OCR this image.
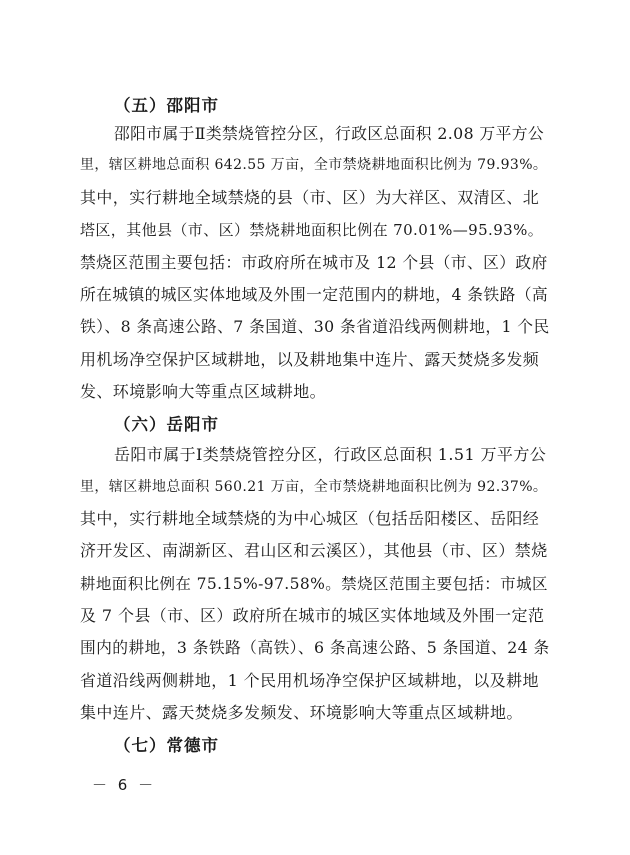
（五）邵阳市
邵阳市属于Ⅱ类禁烧管控分区，行政区总面积 2.08 万平方公
里，辖区耕地总面积 642.55 万亩，全市禁烧耕地面积比例为 79.93%。
其中，实行耕地全域禁烧的县（市、区）为大祥区、双清区、北
塔区，其他县（市、区）禁烧耕地面积比例在 70.01%—95.93%。
禁烧区范围主要包括：市政府所在城市及 12 个县（市、区）政府
所在城镇的城区实体地域及外围一定范围内的耕地，4 条铁路（高
铁）、8 条高速公路、7 条国道、30 条省道沿线两侧耕地，1 个民
用机场净空保护区域耕地，以及耕地集中连片、露天焚烧多发频
发、环境影响大等重点区域耕地。
（六）岳阳市
岳阳市属于Ⅰ类禁烧管控分区，行政区总面积 1.51 万平方公
里，辖区耕地总面积 560.21 万亩，全市禁烧耕地面积比例为 92.37%。
其中，实行耕地全域禁烧的为中心城区（包括岳阳楼区、岳阳经
济开发区、南湖新区、君山区和云溪区），其他县（市、区）禁烧
耕地面积比例在 75.15%-97.58%。禁烧区范围主要包括：市城区
及 7 个县（市、区）政府所在城市的城区实体地域及外围一定范
围内的耕地，3 条铁路（高铁）、6 条高速公路、5 条国道、24 条
省道沿线两侧耕地，1 个民用机场净空保护区域耕地，以及耕地
集中连片、露天焚烧多发频发、环境影响大等重点区域耕地。
（七）常德市
－ 6 －
